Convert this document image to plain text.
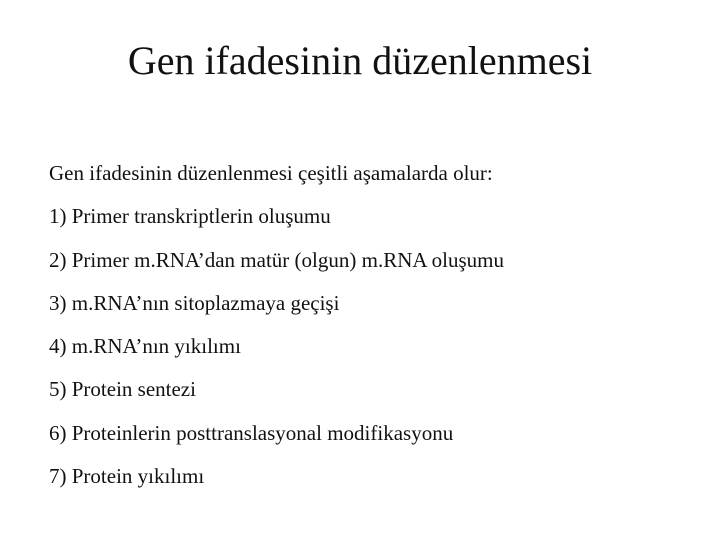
Gen ifadesinin düzenlenmesi

Gen ifadesinin düzenlenmesi çeşitli aşamalarda olur:

1) Primer transkriptlerin oluşumu

2) Primer m.RNA’dan matür (olgun) m.RNA oluşumu

3) m.RNA’nın sitoplazmaya geçişi

4) m.RNA’nın yıkılımı

5) Protein sentezi

6) Proteinlerin posttranslasyonal modifikasyonu

7) Protein yıkılımı
